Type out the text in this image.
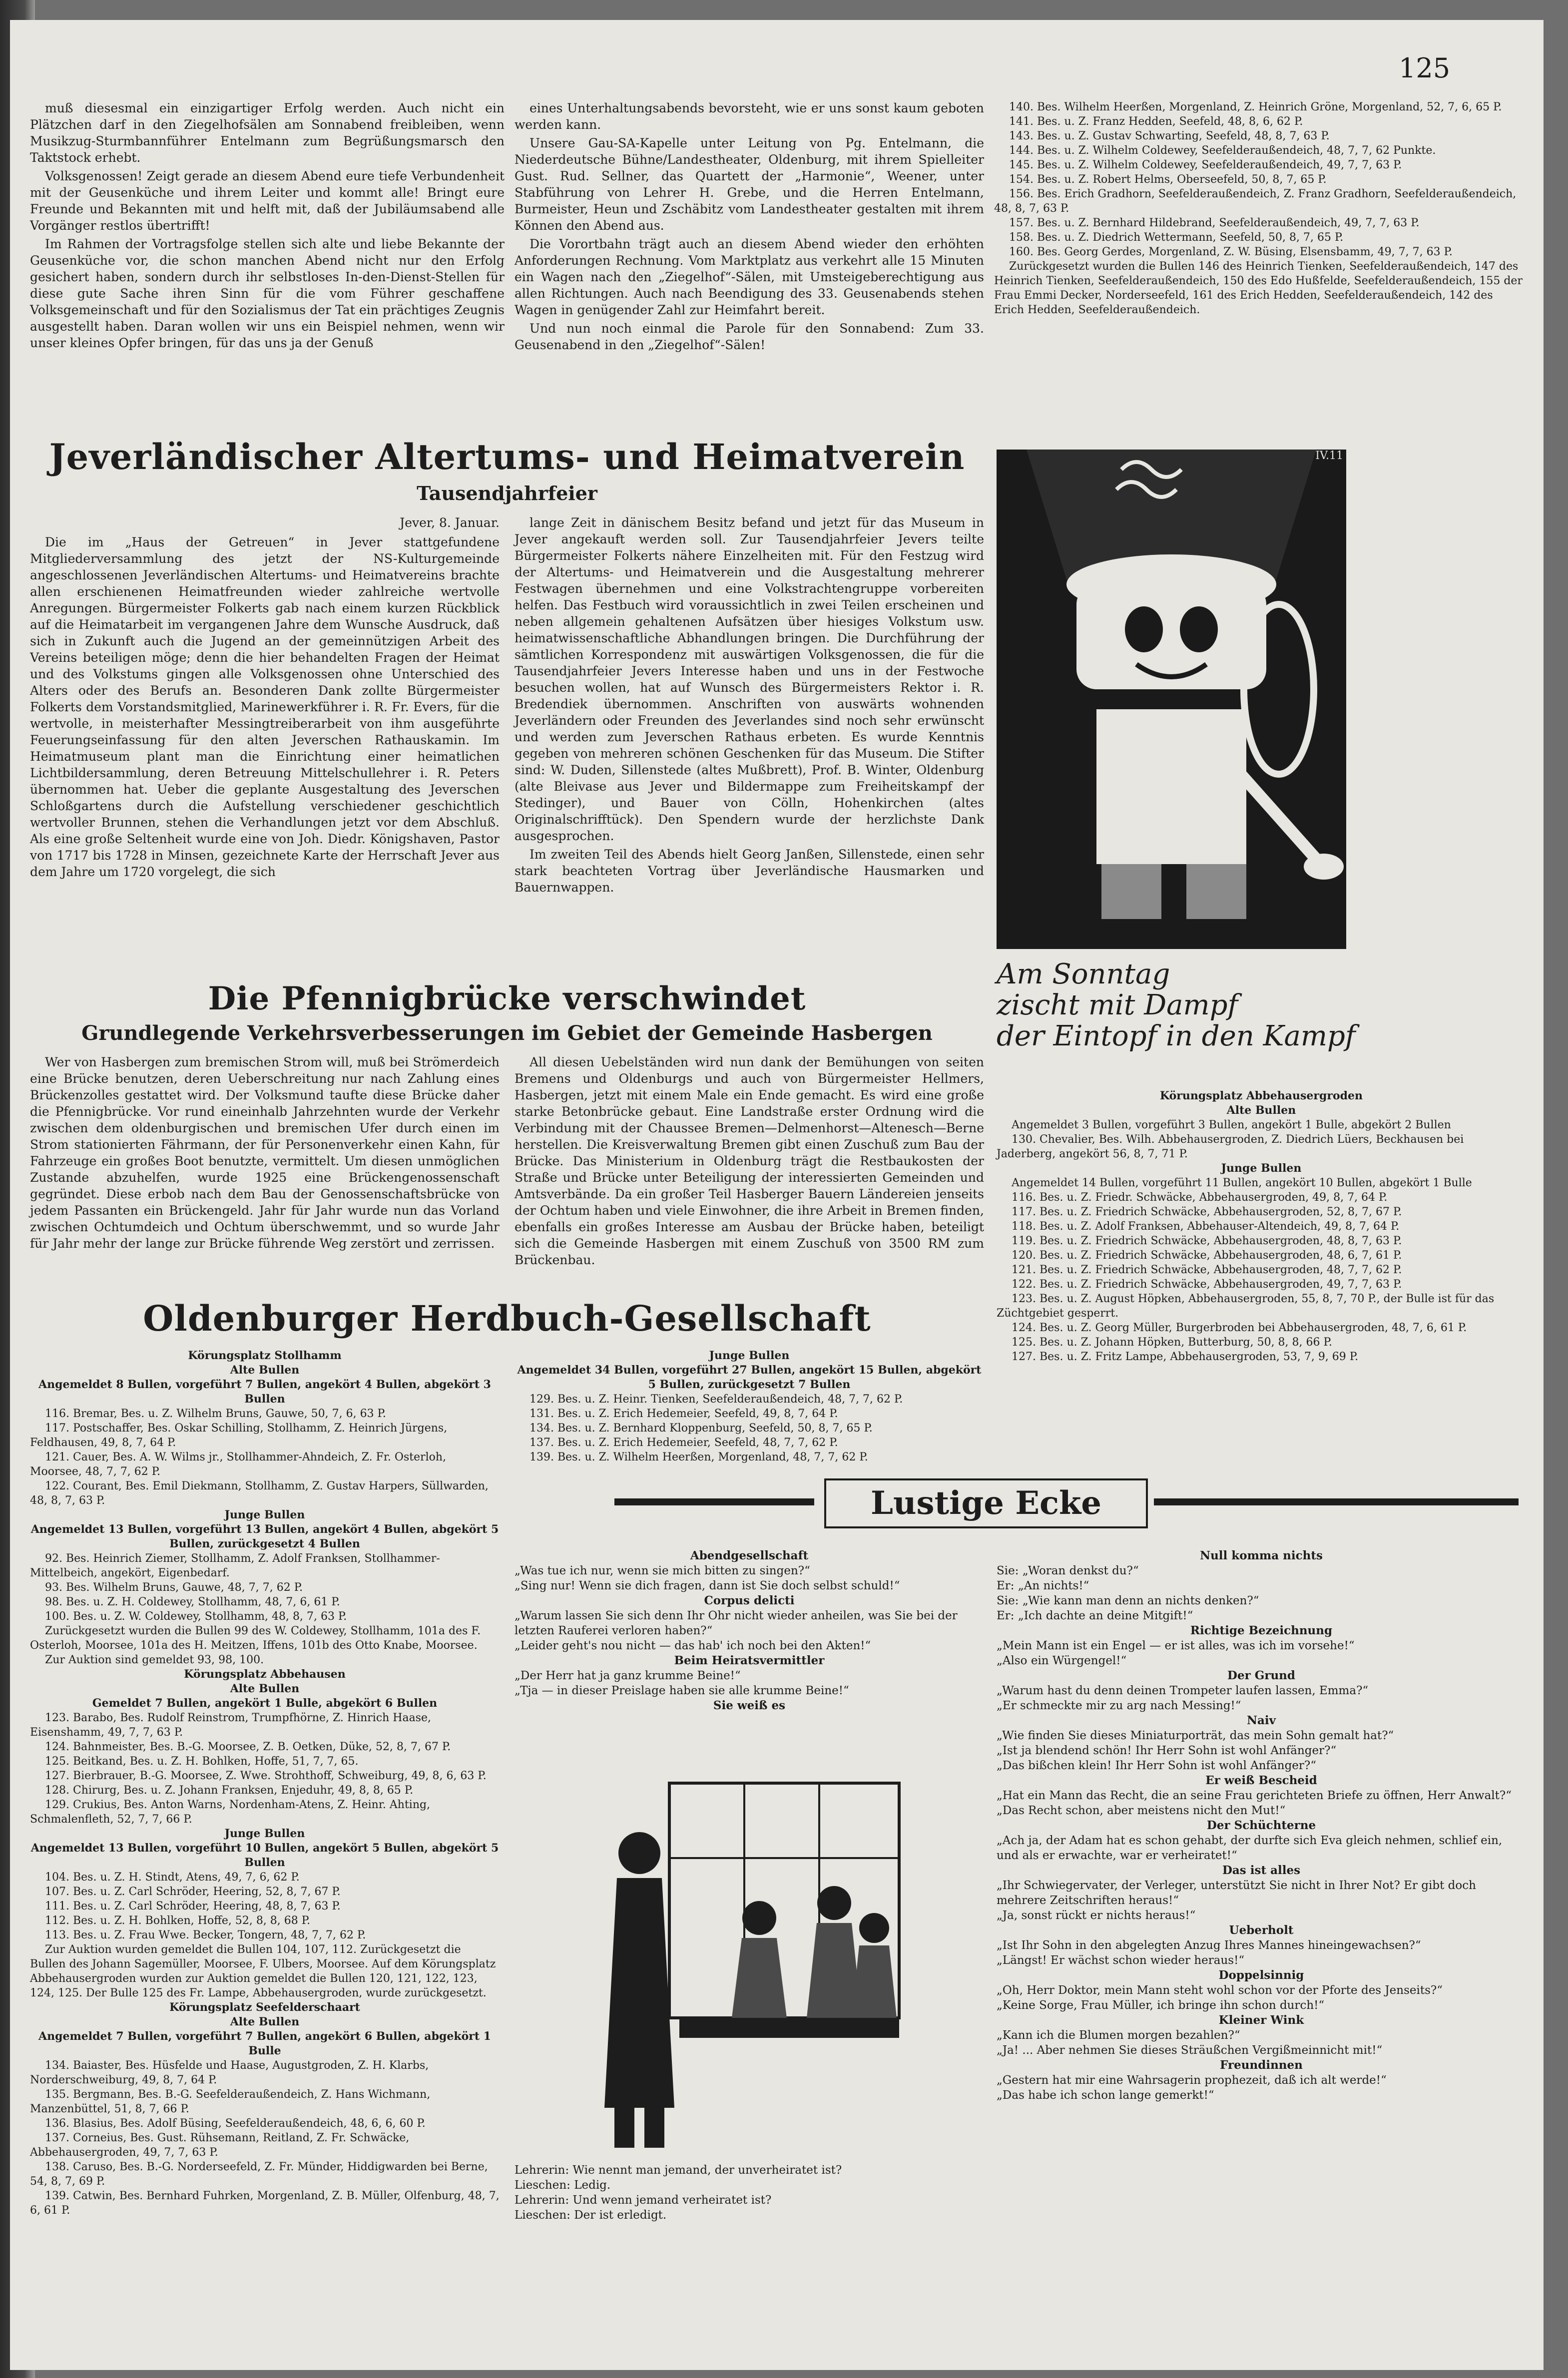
125

muß diesesmal ein einzigartiger Erfolg werden. Auch nicht ein Plätzchen darf in den Ziegelhofsälen am Sonnabend freibleiben, wenn Musikzug-Sturmbannführer Entelmann zum Begrüßungsmarsch den Taktstock erhebt.

Volksgenossen! Zeigt gerade an diesem Abend eure tiefe Verbundenheit mit der Geusenküche und ihrem Leiter und kommt alle! Bringt eure Freunde und Bekannten mit und helft mit, daß der Jubiläumsabend alle Vorgänger restlos übertrifft!

Im Rahmen der Vortragsfolge stellen sich alte und liebe Bekannte der Geusenküche vor, die schon manchen Abend nicht nur den Erfolg gesichert haben, sondern durch ihr selbstloses In-den-Dienst-Stellen für diese gute Sache ihren Sinn für die vom Führer geschaffene Volksgemeinschaft und für den Sozialismus der Tat ein prächtiges Zeugnis ausgestellt haben. Daran wollen wir uns ein Beispiel nehmen, wenn wir unser kleines Opfer bringen, für das uns ja der Genuß

eines Unterhaltungsabends bevorsteht, wie er uns sonst kaum geboten werden kann.

Unsere Gau-SA-Kapelle unter Leitung von Pg. Entelmann, die Niederdeutsche Bühne/Landestheater, Oldenburg, mit ihrem Spielleiter Gust. Rud. Sellner, das Quartett der „Harmonie“, Weener, unter Stabführung von Lehrer H. Grebe, und die Herren Entelmann, Burmeister, Heun und Zschäbitz vom Landestheater gestalten mit ihrem Können den Abend aus.

Die Vorortbahn trägt auch an diesem Abend wieder den erhöhten Anforderungen Rechnung. Vom Marktplatz aus verkehrt alle 15 Minuten ein Wagen nach den „Ziegelhof“-Sälen, mit Umsteigeberechtigung aus allen Richtungen. Auch nach Beendigung des 33. Geusenabends stehen Wagen in genügender Zahl zur Heimfahrt bereit.

Und nun noch einmal die Parole für den Sonnabend: Zum 33. Geusenabend in den „Ziegelhof“-Sälen!

140. Bes. Wilhelm Heerßen, Morgenland, Z. Heinrich Gröne, Morgenland, 52, 7, 6, 65 P.
141. Bes. u. Z. Franz Hedden, Seefeld, 48, 8, 6, 62 P.
143. Bes. u. Z. Gustav Schwarting, Seefeld, 48, 8, 7, 63 P.
144. Bes. u. Z. Wilhelm Coldewey, Seefelderaußendeich, 48, 7, 7, 62 Punkte.
145. Bes. u. Z. Wilhelm Coldewey, Seefelderaußendeich, 49, 7, 7, 63 P.
154. Bes. u. Z. Robert Helms, Oberseefeld, 50, 8, 7, 65 P.
156. Bes. Erich Gradhorn, Seefelderaußendeich, Z. Franz Gradhorn, Seefelderaußendeich, 48, 8, 7, 63 P.
157. Bes. u. Z. Bernhard Hildebrand, Seefelderaußendeich, 49, 7, 7, 63 P.
158. Bes. u. Z. Diedrich Wettermann, Seefeld, 50, 8, 7, 65 P.
160. Bes. Georg Gerdes, Morgenland, Z. W. Büsing, Elsensbamm, 49, 7, 7, 63 P.
Zurückgesetzt wurden die Bullen 146 des Heinrich Tienken, Seefelderaußendeich, 147 des Heinrich Tienken, Seefelderaußendeich, 150 des Edo Hußfelde, Seefelderaußendeich, 155 der Frau Emmi Decker, Norderseefeld, 161 des Erich Hedden, Seefelderaußendeich, 142 des Erich Hedden, Seefelderaußendeich.
Jeverländischer Altertums- und Heimatverein
Tausendjahrfeier
Jever, 8. Januar.

Die im „Haus der Getreuen“ in Jever stattgefundene Mitgliederversammlung des jetzt der NS-Kulturgemeinde angeschlossenen Jeverländischen Altertums- und Heimatvereins brachte allen erschienenen Heimatfreunden wieder zahlreiche wertvolle Anregungen. Bürgermeister Folkerts gab nach einem kurzen Rückblick auf die Heimatarbeit im vergangenen Jahre dem Wunsche Ausdruck, daß sich in Zukunft auch die Jugend an der gemeinnützigen Arbeit des Vereins beteiligen möge; denn die hier behandelten Fragen der Heimat und des Volkstums gingen alle Volksgenossen ohne Unterschied des Alters oder des Berufs an. Besonderen Dank zollte Bürgermeister Folkerts dem Vorstandsmitglied, Marinewerkführer i. R. Fr. Evers, für die wertvolle, in meisterhafter Messingtreiberarbeit von ihm ausgeführte Feuerungseinfassung für den alten Jeverschen Rathauskamin. Im Heimatmuseum plant man die Einrichtung einer heimatlichen Lichtbildersammlung, deren Betreuung Mittelschullehrer i. R. Peters übernommen hat. Ueber die geplante Ausgestaltung des Jeverschen Schloßgartens durch die Aufstellung verschiedener geschichtlich wertvoller Brunnen, stehen die Verhandlungen jetzt vor dem Abschluß. Als eine große Seltenheit wurde eine von Joh. Diedr. Königshaven, Pastor von 1717 bis 1728 in Minsen, gezeichnete Karte der Herrschaft Jever aus dem Jahre um 1720 vorgelegt, die sich

lange Zeit in dänischem Besitz befand und jetzt für das Museum in Jever angekauft werden soll. Zur Tausendjahrfeier Jevers teilte Bürgermeister Folkerts nähere Einzelheiten mit. Für den Festzug wird der Altertums- und Heimatverein und die Ausgestaltung mehrerer Festwagen übernehmen und eine Volkstrachtengruppe vorbereiten helfen. Das Festbuch wird voraussichtlich in zwei Teilen erscheinen und neben allgemein gehaltenen Aufsätzen über hiesiges Volkstum usw. heimatwissenschaftliche Abhandlungen bringen. Die Durchführung der sämtlichen Korrespondenz mit auswärtigen Volksgenossen, die für die Tausendjahrfeier Jevers Interesse haben und uns in der Festwoche besuchen wollen, hat auf Wunsch des Bürgermeisters Rektor i. R. Bredendiek übernommen. Anschriften von auswärts wohnenden Jeverländern oder Freunden des Jeverlandes sind noch sehr erwünscht und werden zum Jeverschen Rathaus erbeten. Es wurde Kenntnis gegeben von mehreren schönen Geschenken für das Museum. Die Stifter sind: W. Duden, Sillenstede (altes Mußbrett), Prof. B. Winter, Oldenburg (alte Bleivase aus Jever und Bildermappe zum Freiheitskampf der Stedinger), und Bauer von Cölln, Hohenkirchen (altes Originalschrifftück). Den Spendern wurde der herzlichste Dank ausgesprochen.

Im zweiten Teil des Abends hielt Georg Janßen, Sillenstede, einen sehr stark beachteten Vortrag über Jeverländische Hausmarken und Bauernwappen.

IV.11
Am Sonntag
zischt mit Dampf
der Eintopf in den Kampf
Die Pfennigbrücke verschwindet
Grundlegende Verkehrsverbesserungen im Gebiet der Gemeinde Hasbergen

Wer von Hasbergen zum bremischen Strom will, muß bei Strömerdeich eine Brücke benutzen, deren Ueberschreitung nur nach Zahlung eines Brückenzolles gestattet wird. Der Volksmund taufte diese Brücke daher die Pfennigbrücke. Vor rund eineinhalb Jahrzehnten wurde der Verkehr zwischen dem oldenburgischen und bremischen Ufer durch einen im Strom stationierten Fährmann, der für Personenverkehr einen Kahn, für Fahrzeuge ein großes Boot benutzte, vermittelt. Um diesen unmöglichen Zustande abzuhelfen, wurde 1925 eine Brückengenossenschaft gegründet. Diese erbob nach dem Bau der Genossenschaftsbrücke von jedem Passanten ein Brückengeld. Jahr für Jahr wurde nun das Vorland zwischen Ochtumdeich und Ochtum überschwemmt, und so wurde Jahr für Jahr mehr der lange zur Brücke führende Weg zerstört und zerrissen.

All diesen Uebelständen wird nun dank der Bemühungen von seiten Bremens und Oldenburgs und auch von Bürgermeister Hellmers, Hasbergen, jetzt mit einem Male ein Ende gemacht. Es wird eine große starke Betonbrücke gebaut. Eine Landstraße erster Ordnung wird die Verbindung mit der Chaussee Bremen—Delmenhorst—Altenesch—Berne herstellen. Die Kreisverwaltung Bremen gibt einen Zuschuß zum Bau der Brücke. Das Ministerium in Oldenburg trägt die Restbaukosten der Straße und Brücke unter Beteiligung der interessierten Gemeinden und Amtsverbände. Da ein großer Teil Hasberger Bauern Ländereien jenseits der Ochtum haben und viele Einwohner, die ihre Arbeit in Bremen finden, ebenfalls ein großes Interesse am Ausbau der Brücke haben, beteiligt sich die Gemeinde Hasbergen mit einem Zuschuß von 3500 RM zum Brückenbau.

Körungsplatz Abbehausergroden
Alte Bullen
Angemeldet 3 Bullen, vorgeführt 3 Bullen, angekört 1 Bulle, abgekört 2 Bullen
130. Chevalier, Bes. Wilh. Abbehausergroden, Z. Diedrich Lüers, Beckhausen bei Jaderberg, angekört 56, 8, 7, 71 P.
Junge Bullen
Angemeldet 14 Bullen, vorgeführt 11 Bullen, angekört 10 Bullen, abgekört 1 Bulle
116. Bes. u. Z. Friedr. Schwäcke, Abbehausergroden, 49, 8, 7, 64 P.
117. Bes. u. Z. Friedrich Schwäcke, Abbehausergroden, 52, 8, 7, 67 P.
118. Bes. u. Z. Adolf Franksen, Abbehauser-Altendeich, 49, 8, 7, 64 P.
119. Bes. u. Z. Friedrich Schwäcke, Abbehausergroden, 48, 8, 7, 63 P.
120. Bes. u. Z. Friedrich Schwäcke, Abbehausergroden, 48, 6, 7, 61 P.
121. Bes. u. Z. Friedrich Schwäcke, Abbehausergroden, 48, 7, 7, 62 P.
122. Bes. u. Z. Friedrich Schwäcke, Abbehausergroden, 49, 7, 7, 63 P.
123. Bes. u. Z. August Höpken, Abbehausergroden, 55, 8, 7, 70 P., der Bulle ist für das Züchtgebiet gesperrt.
124. Bes. u. Z. Georg Müller, Burgerbroden bei Abbehausergroden, 48, 7, 6, 61 P.
125. Bes. u. Z. Johann Höpken, Butterburg, 50, 8, 8, 66 P.
127. Bes. u. Z. Fritz Lampe, Abbehausergroden, 53, 7, 9, 69 P.
Oldenburger Herdbuch-Gesellschaft
Körungsplatz Stollhamm
Alte Bullen
Angemeldet 8 Bullen, vorgeführt 7 Bullen, angekört 4 Bullen, abgekört 3 Bullen
116. Bremar, Bes. u. Z. Wilhelm Bruns, Gauwe, 50, 7, 6, 63 P.
117. Postschaffer, Bes. Oskar Schilling, Stollhamm, Z. Heinrich Jürgens, Feldhausen, 49, 8, 7, 64 P.
121. Cauer, Bes. A. W. Wilms jr., Stollhammer-Ahndeich, Z. Fr. Osterloh, Moorsee, 48, 7, 7, 62 P.
122. Courant, Bes. Emil Diekmann, Stollhamm, Z. Gustav Harpers, Süllwarden, 48, 8, 7, 63 P.
Junge Bullen
Angemeldet 13 Bullen, vorgeführt 13 Bullen, angekört 4 Bullen, abgekört 5 Bullen, zurückgesetzt 4 Bullen
92. Bes. Heinrich Ziemer, Stollhamm, Z. Adolf Franksen, Stollhammer-Mittelbeich, angekört, Eigenbedarf.
93. Bes. Wilhelm Bruns, Gauwe, 48, 7, 7, 62 P.
98. Bes. u. Z. H. Coldewey, Stollhamm, 48, 7, 6, 61 P.
100. Bes. u. Z. W. Coldewey, Stollhamm, 48, 8, 7, 63 P.
Zurückgesetzt wurden die Bullen 99 des W. Coldewey, Stollhamm, 101a des F. Osterloh, Moorsee, 101a des H. Meitzen, Iffens, 101b des Otto Knabe, Moorsee.
Zur Auktion sind gemeldet 93, 98, 100.
Körungsplatz Abbehausen
Alte Bullen
Gemeldet 7 Bullen, angekört 1 Bulle, abgekört 6 Bullen
123. Barabo, Bes. Rudolf Reinstrom, Trumpfhörne, Z. Hinrich Haase, Eisenshamm, 49, 7, 7, 63 P.
124. Bahnmeister, Bes. B.-G. Moorsee, Z. B. Oetken, Düke, 52, 8, 7, 67 P.
125. Beitkand, Bes. u. Z. H. Bohlken, Hoffe, 51, 7, 7, 65.
127. Bierbrauer, B.-G. Moorsee, Z. Wwe. Strohthoff, Schweiburg, 49, 8, 6, 63 P.
128. Chirurg, Bes. u. Z. Johann Franksen, Enjeduhr, 49, 8, 8, 65 P.
129. Crukius, Bes. Anton Warns, Nordenham-Atens, Z. Heinr. Ahting, Schmalenfleth, 52, 7, 7, 66 P.
Junge Bullen
Angemeldet 13 Bullen, vorgeführt 10 Bullen, angekört 5 Bullen, abgekört 5 Bullen
104. Bes. u. Z. H. Stindt, Atens, 49, 7, 6, 62 P.
107. Bes. u. Z. Carl Schröder, Heering, 52, 8, 7, 67 P.
111. Bes. u. Z. Carl Schröder, Heering, 48, 8, 7, 63 P.
112. Bes. u. Z. H. Bohlken, Hoffe, 52, 8, 8, 68 P.
113. Bes. u. Z. Frau Wwe. Becker, Tongern, 48, 7, 7, 62 P.
Zur Auktion wurden gemeldet die Bullen 104, 107, 112. Zurückgesetzt die Bullen des Johann Sagemüller, Moorsee, F. Ulbers, Moorsee. Auf dem Körungsplatz Abbehausergroden wurden zur Auktion gemeldet die Bullen 120, 121, 122, 123, 124, 125. Der Bulle 125 des Fr. Lampe, Abbehausergroden, wurde zurückgesetzt.
Körungsplatz Seefelderschaart
Alte Bullen
Angemeldet 7 Bullen, vorgeführt 7 Bullen, angekört 6 Bullen, abgekört 1 Bulle
134. Baiaster, Bes. Hüsfelde und Haase, Augustgroden, Z. H. Klarbs, Norderschweiburg, 49, 8, 7, 64 P.
135. Bergmann, Bes. B.-G. Seefelderaußendeich, Z. Hans Wichmann, Manzenbüttel, 51, 8, 7, 66 P.
136. Blasius, Bes. Adolf Büsing, Seefelderaußendeich, 48, 6, 6, 60 P.
137. Corneius, Bes. Gust. Rühsemann, Reitland, Z. Fr. Schwäcke, Abbehausergroden, 49, 7, 7, 63 P.
138. Caruso, Bes. B.-G. Norderseefeld, Z. Fr. Münder, Hiddigwarden bei Berne, 54, 8, 7, 69 P.
139. Catwin, Bes. Bernhard Fuhrken, Morgenland, Z. B. Müller, Olfenburg, 48, 7, 6, 61 P.
Junge Bullen
Angemeldet 34 Bullen, vorgeführt 27 Bullen, angekört 15 Bullen, abgekört 5 Bullen, zurückgesetzt 7 Bullen
129. Bes. u. Z. Heinr. Tienken, Seefelderaußendeich, 48, 7, 7, 62 P.
131. Bes. u. Z. Erich Hedemeier, Seefeld, 49, 8, 7, 64 P.
134. Bes. u. Z. Bernhard Kloppenburg, Seefeld, 50, 8, 7, 65 P.
137. Bes. u. Z. Erich Hedemeier, Seefeld, 48, 7, 7, 62 P.
139. Bes. u. Z. Wilhelm Heerßen, Morgenland, 48, 7, 7, 62 P.
Lustige Ecke
Abendgesellschaft
„Was tue ich nur, wenn sie mich bitten zu singen?“
„Sing nur! Wenn sie dich fragen, dann ist Sie doch selbst schuld!“
Corpus delicti
„Warum lassen Sie sich denn Ihr Ohr nicht wieder anheilen, was Sie bei der letzten Rauferei verloren haben?“
„Leider geht's nou nicht — das hab' ich noch bei den Akten!“
Beim Heiratsvermittler
„Der Herr hat ja ganz krumme Beine!“
„Tja — in dieser Preislage haben sie alle krumme Beine!“
Sie weiß es
Lehrerin: Wie nennt man jemand, der unverheiratet ist?
Lieschen: Ledig.
Lehrerin: Und wenn jemand verheiratet ist?
Lieschen: Der ist erledigt.
Null komma nichts
Sie: „Woran denkst du?“
Er: „An nichts!“
Sie: „Wie kann man denn an nichts denken?“
Er: „Ich dachte an deine Mitgift!“
Richtige Bezeichnung
„Mein Mann ist ein Engel — er ist alles, was ich im vorsehe!“
„Also ein Würgengel!“
Der Grund
„Warum hast du denn deinen Trompeter laufen lassen, Emma?“
„Er schmeckte mir zu arg nach Messing!“
Naiv
„Wie finden Sie dieses Miniaturporträt, das mein Sohn gemalt hat?“
„Ist ja blendend schön! Ihr Herr Sohn ist wohl Anfänger?“
„Das bißchen klein! Ihr Herr Sohn ist wohl Anfänger?“
Er weiß Bescheid
„Hat ein Mann das Recht, die an seine Frau gerichteten Briefe zu öffnen, Herr Anwalt?“
„Das Recht schon, aber meistens nicht den Mut!“
Der Schüchterne
„Ach ja, der Adam hat es schon gehabt, der durfte sich Eva gleich nehmen, schlief ein, und als er erwachte, war er verheiratet!“
Das ist alles
„Ihr Schwiegervater, der Verleger, unterstützt Sie nicht in Ihrer Not? Er gibt doch mehrere Zeitschriften heraus!“
„Ja, sonst rückt er nichts heraus!“
Ueberholt
„Ist Ihr Sohn in den abgelegten Anzug Ihres Mannes hineingewachsen?“
„Längst! Er wächst schon wieder heraus!“
Doppelsinnig
„Oh, Herr Doktor, mein Mann steht wohl schon vor der Pforte des Jenseits?“
„Keine Sorge, Frau Müller, ich bringe ihn schon durch!“
Kleiner Wink
„Kann ich die Blumen morgen bezahlen?“
„Ja! ... Aber nehmen Sie dieses Sträußchen Vergißmeinnicht mit!“
Freundinnen
„Gestern hat mir eine Wahrsagerin prophezeit, daß ich alt werde!“
„Das habe ich schon lange gemerkt!“
